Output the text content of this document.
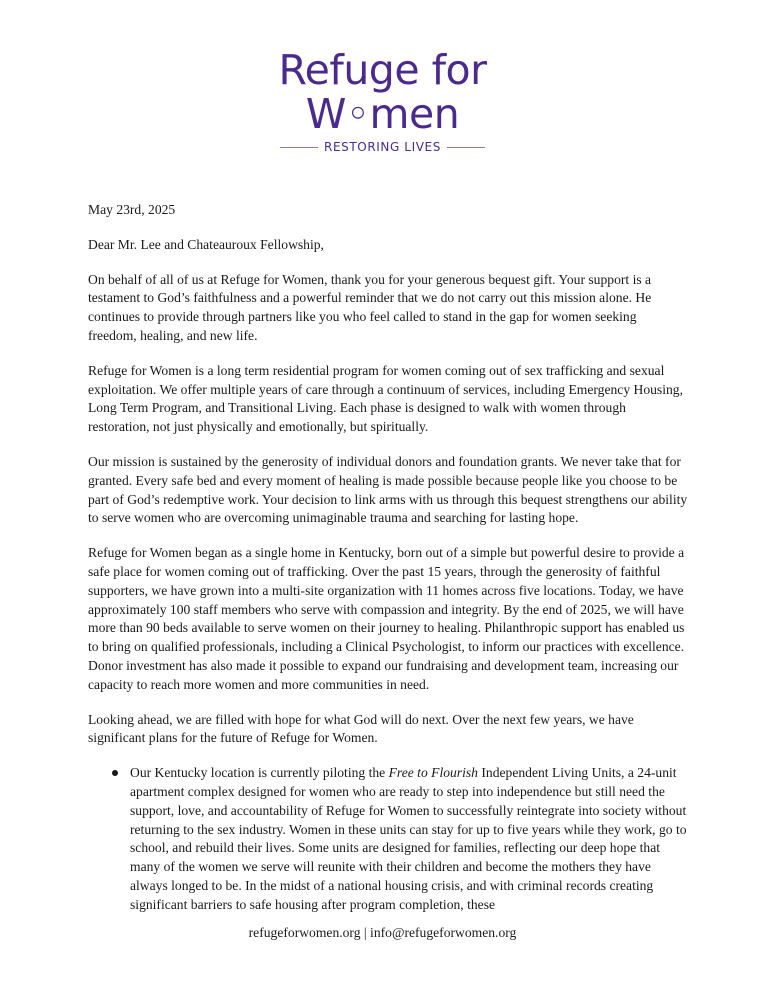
Refuge for
W◦men
RESTORING LIVES

May 23rd, 2025

Dear Mr. Lee and Chateauroux Fellowship,

On behalf of all of us at Refuge for Women, thank you for your generous bequest gift. Your support is a testament to God’s faithfulness and a powerful reminder that we do not carry out this mission alone. He continues to provide through partners like you who feel called to stand in the gap for women seeking freedom, healing, and new life.

Refuge for Women is a long term residential program for women coming out of sex trafficking and sexual exploitation. We offer multiple years of care through a continuum of services, including Emergency Housing, Long Term Program, and Transitional Living. Each phase is designed to walk with women through restoration, not just physically and emotionally, but spiritually.

Our mission is sustained by the generosity of individual donors and foundation grants. We never take that for granted. Every safe bed and every moment of healing is made possible because people like you choose to be part of God’s redemptive work. Your decision to link arms with us through this bequest strengthens our ability to serve women who are overcoming unimaginable trauma and searching for lasting hope.

Refuge for Women began as a single home in Kentucky, born out of a simple but powerful desire to provide a safe place for women coming out of trafficking. Over the past 15 years, through the generosity of faithful supporters, we have grown into a multi-site organization with 11 homes across five locations. Today, we have approximately 100 staff members who serve with compassion and integrity. By the end of 2025, we will have more than 90 beds available to serve women on their journey to healing. Philanthropic support has enabled us to bring on qualified professionals, including a Clinical Psychologist, to inform our practices with excellence. Donor investment has also made it possible to expand our fundraising and development team, increasing our capacity to reach more women and more communities in need.

Looking ahead, we are filled with hope for what God will do next. Over the next few years, we have significant plans for the future of Refuge for Women.

Our Kentucky location is currently piloting the Free to Flourish Independent Living Units, a 24-unit apartment complex designed for women who are ready to step into independence but still need the support, love, and accountability of Refuge for Women to successfully reintegrate into society without returning to the sex industry. Women in these units can stay for up to five years while they work, go to school, and rebuild their lives. Some units are designed for families, reflecting our deep hope that many of the women we serve will reunite with their children and become the mothers they have always longed to be. In the midst of a national housing crisis, and with criminal records creating significant barriers to safe housing after program completion, these
refugeforwomen.org | info@refugeforwomen.org
